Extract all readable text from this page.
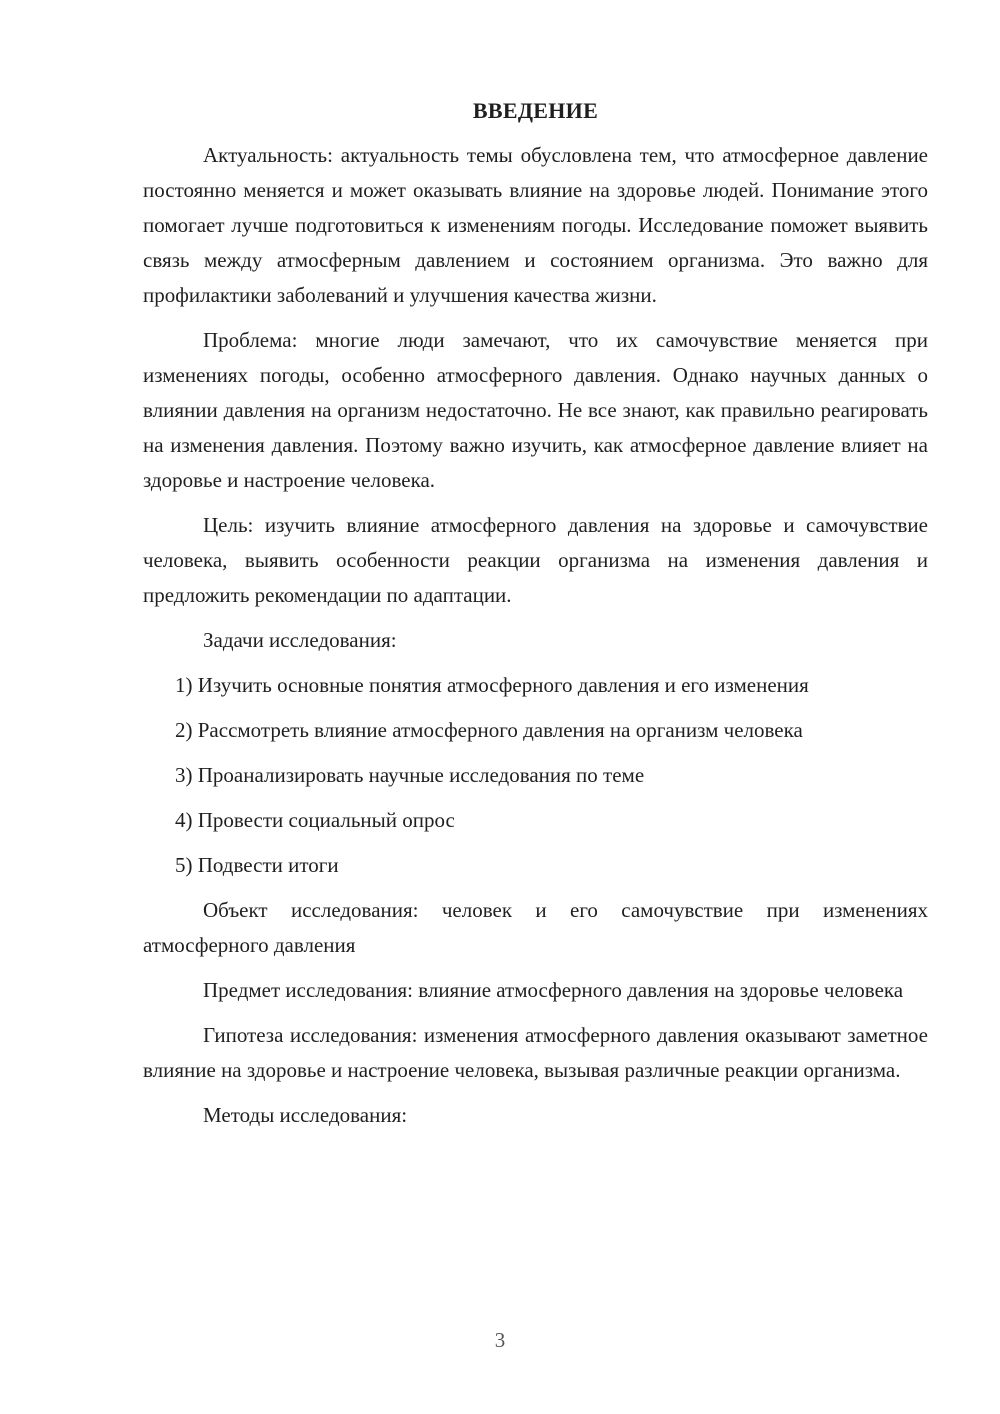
ВВЕДЕНИЕ

Актуальность: актуальность темы обусловлена тем, что атмосферное давление постоянно меняется и может оказывать влияние на здоровье людей. Понимание этого помогает лучше подготовиться к изменениям погоды. Исследование поможет выявить связь между атмосферным давлением и состоянием организма. Это важно для профилактики заболеваний и улучшения качества жизни.

Проблема: многие люди замечают, что их самочувствие меняется при изменениях погоды, особенно атмосферного давления. Однако научных данных о влиянии давления на организм недостаточно. Не все знают, как правильно реагировать на изменения давления. Поэтому важно изучить, как атмосферное давление влияет на здоровье и настроение человека.

Цель: изучить влияние атмосферного давления на здоровье и самочувствие человека, выявить особенности реакции организма на изменения давления и предложить рекомендации по адаптации.

Задачи исследования:

1) Изучить основные понятия атмосферного давления и его изменения
2) Рассмотреть влияние атмосферного давления на организм человека
3) Проанализировать научные исследования по теме
4) Провести социальный опрос
5) Подвести итоги

Объект исследования: человек и его самочувствие при изменениях атмосферного давления

Предмет исследования: влияние атмосферного давления на здоровье человека

Гипотеза исследования: изменения атмосферного давления оказывают заметное влияние на здоровье и настроение человека, вызывая различные реакции организма.

Методы исследования:

3
